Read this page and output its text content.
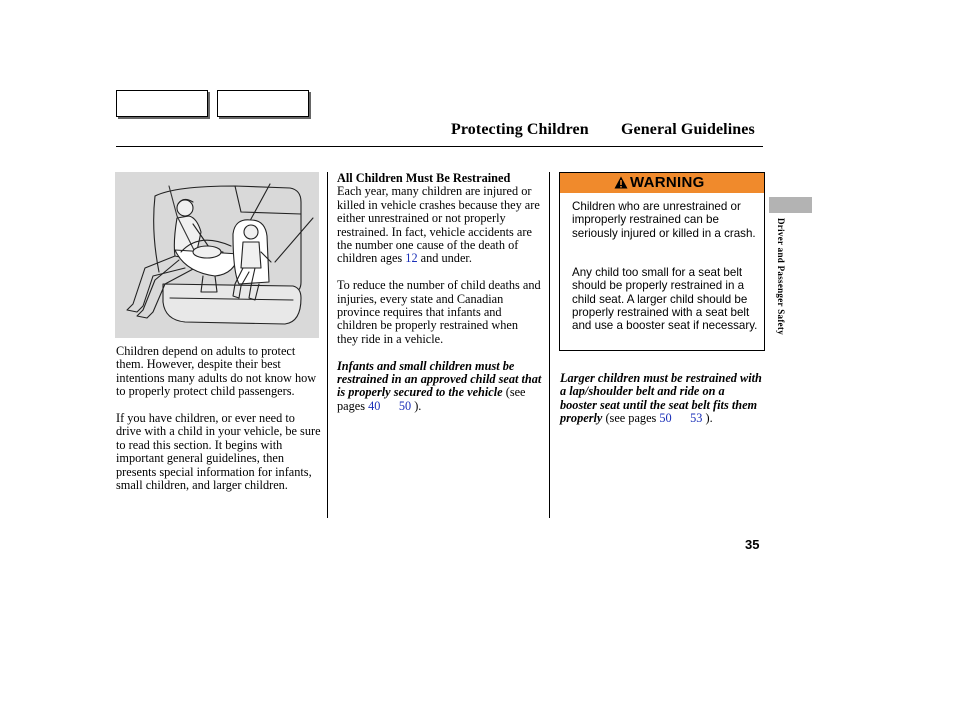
Protecting Children General Guidelines

Children depend on adults to protect them. However, despite their best intentions many adults do not know how to properly protect child passengers.

If you have children, or ever need to drive with a child in your vehicle, be sure to read this section. It begins with important general guidelines, then presents special information for infants, small children, and larger children.

All Children Must Be Restrained

Each year, many children are injured or killed in vehicle crashes because they are either unrestrained or not properly restrained. In fact, vehicle accidents are the number one cause of the death of children ages 12 and under.

To reduce the number of child deaths and injuries, every state and Canadian province requires that infants and children be properly restrained when they ride in a vehicle.

Infants and small children must be restrained in an approved child seat that is properly secured to the vehicle (see pages 40 50 ).

WARNING
Children who are unrestrained or improperly restrained can be seriously injured or killed in a crash.
Any child too small for a seat belt should be properly restrained in a child seat. A larger child should be properly restrained with a seat belt and use a booster seat if necessary.

Larger children must be restrained with a lap/shoulder belt and ride on a booster seat until the seat belt fits them properly (see pages 50 53 ).

Driver and Passenger Safety
35
